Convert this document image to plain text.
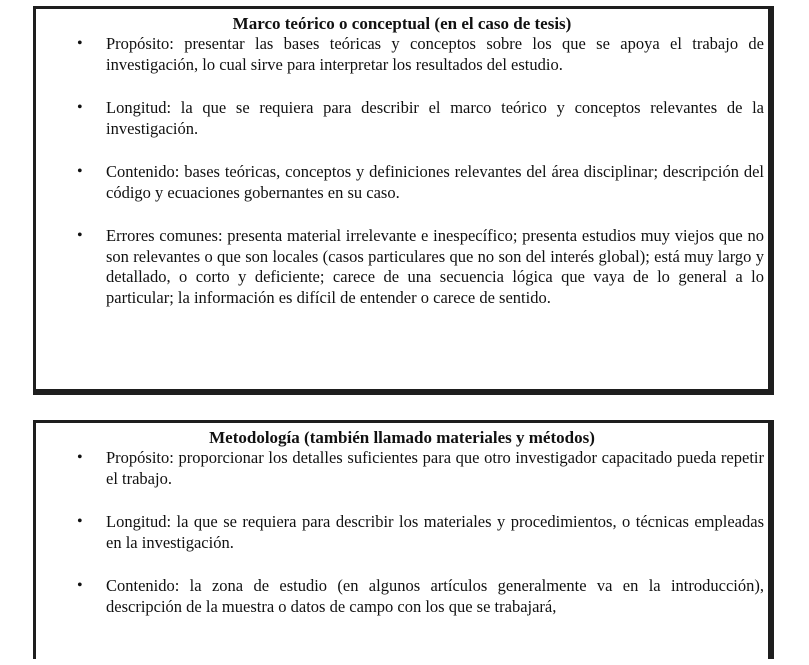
Marco teórico o conceptual (en el caso de tesis)
• Propósito: presentar las bases teóricas y conceptos sobre los que se apoya el trabajo de investigación, lo cual sirve para interpretar los resultados del estudio.
• Longitud: la que se requiera para describir el marco teórico y conceptos relevantes de la investigación.
• Contenido: bases teóricas, conceptos y definiciones relevantes del área disciplinar; descripción del código y ecuaciones gobernantes en su caso.
• Errores comunes: presenta material irrelevante e inespecífico; presenta estudios muy viejos que no son relevantes o que son locales (casos particulares que no son del interés global); está muy largo y detallado, o corto y deficiente; carece de una secuencia lógica que vaya de lo general a lo particular; la información es difícil de entender o carece de sentido.
Metodología (también llamado materiales y métodos)
• Propósito: proporcionar los detalles suficientes para que otro investigador capacitado pueda repetir el trabajo.
• Longitud: la que se requiera para describir los materiales y procedimientos, o técnicas empleadas en la investigación.
• Contenido: la zona de estudio (en algunos artículos generalmente va en la introducción), descripción de la muestra o datos de campo con los que se trabajará,
